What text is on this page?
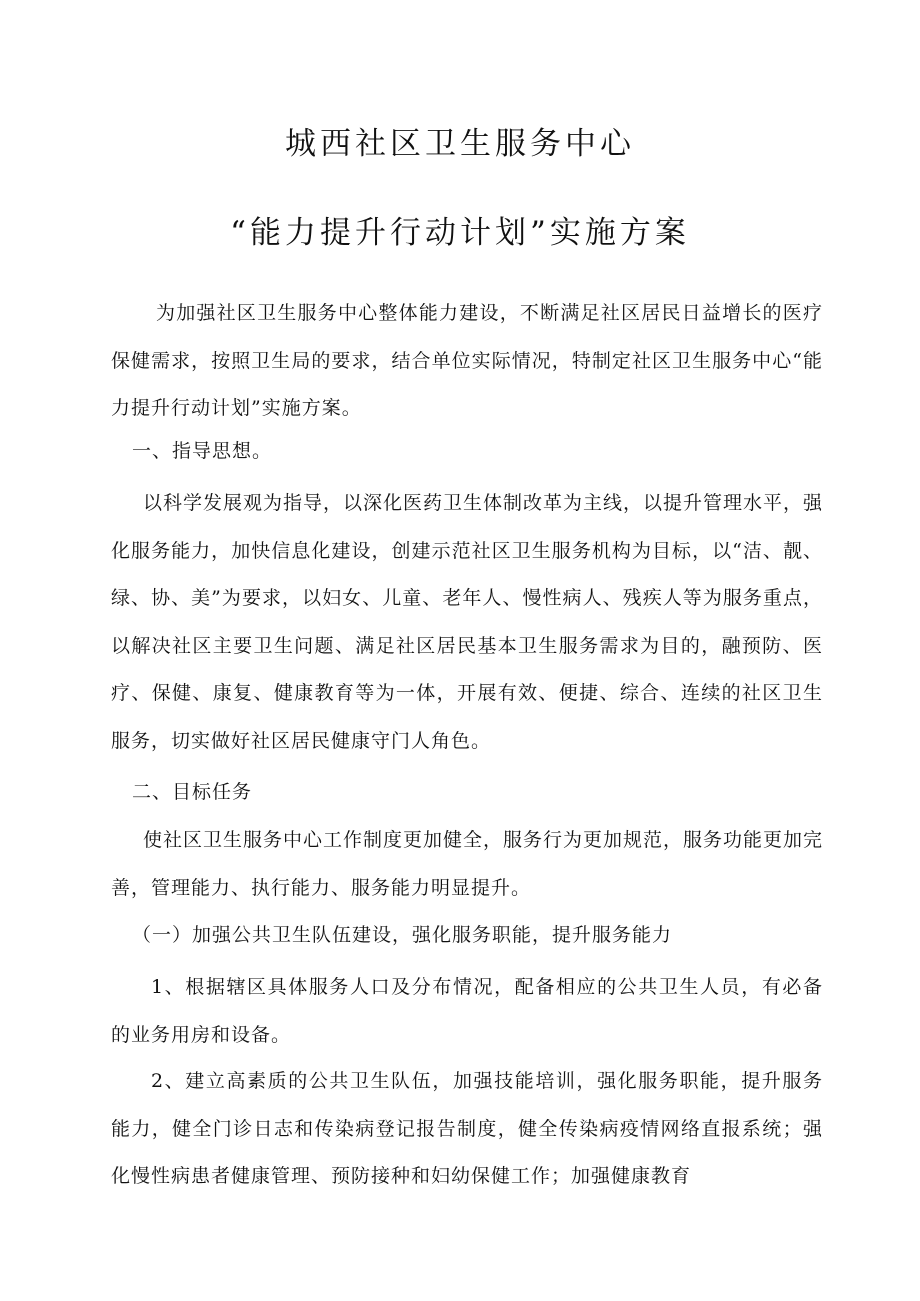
城西社区卫生服务中心
“能力提升行动计划”实施方案

为加强社区卫生服务中心整体能力建设，不断满足社区居民日益增长的医疗保健需求，按照卫生局的要求，结合单位实际情况，特制定社区卫生服务中心“能力提升行动计划”实施方案。

一、指导思想。

以科学发展观为指导，以深化医药卫生体制改革为主线，以提升管理水平，强化服务能力，加快信息化建设，创建示范社区卫生服务机构为目标，以“洁、靓、绿、协、美”为要求，以妇女、儿童、老年人、慢性病人、残疾人等为服务重点，以解决社区主要卫生问题、满足社区居民基本卫生服务需求为目的，融预防、医疗、保健、康复、健康教育等为一体，开展有效、便捷、综合、连续的社区卫生服务，切实做好社区居民健康守门人角色。

二、目标任务

使社区卫生服务中心工作制度更加健全，服务行为更加规范，服务功能更加完善，管理能力、执行能力、服务能力明显提升。

（一）加强公共卫生队伍建设，强化服务职能，提升服务能力

1、根据辖区具体服务人口及分布情况，配备相应的公共卫生人员，有必备的业务用房和设备。

2、建立高素质的公共卫生队伍，加强技能培训，强化服务职能，提升服务能力，健全门诊日志和传染病登记报告制度，健全传染病疫情网络直报系统；强化慢性病患者健康管理、预防接种和妇幼保健工作；加强健康教育
